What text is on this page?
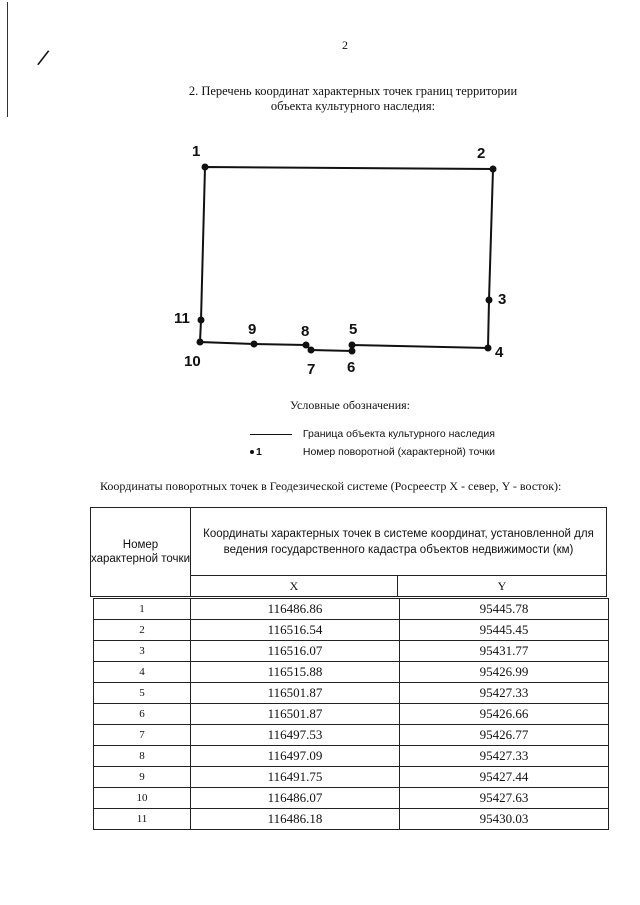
⧸
2
2. Перечень координат характерных точек границ территории
объекта культурного наследия:
1	2
3
4
5
6
7
8
9
10
11
Условные обозначения:
Граница объекта культурного наследия
1	Номер поворотной (характерной) точки
Координаты поворотных точек в Геодезической системе (Росреестр X - север, Y - восток):
Номер характерной точки
Координаты характерных точек в системе координат, установленной для ведения государственного кадастра объектов недвижимости (км)
X	Y
1	116486.86	95445.78
2	116516.54	95445.45
3	116516.07	95431.77
4	116515.88	95426.99
5	116501.87	95427.33
6	116501.87	95426.66
7	116497.53	95426.77
8	116497.09	95427.33
9	116491.75	95427.44
10	116486.07	95427.63
11	116486.18	95430.03
